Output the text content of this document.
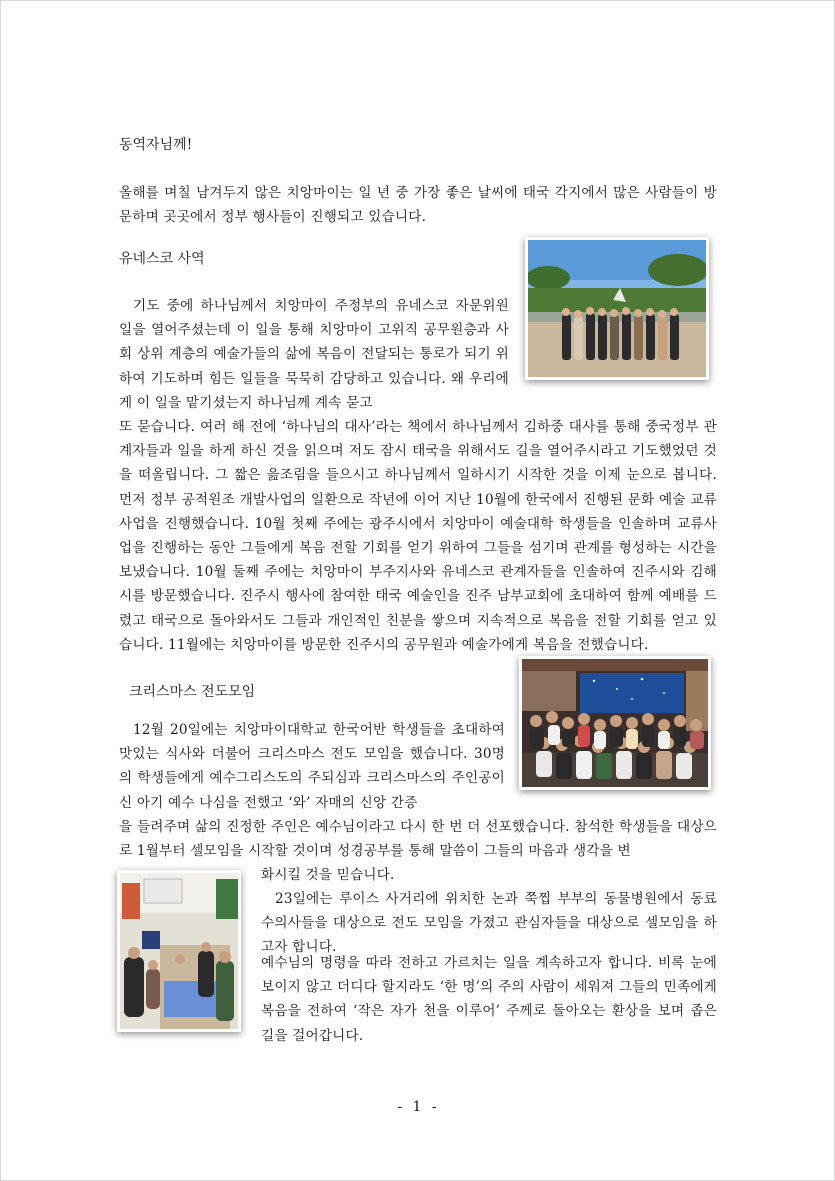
동역자님께!

올해를 며칠 남겨두지 않은 치앙마이는 일 년 중 가장 좋은 날씨에 태국 각지에서 많은 사람들이 방문하며 곳곳에서 정부 행사들이 진행되고 있습니다.

유네스코 사역

기도 중에 하나님께서 치앙마이 주정부의 유네스코 자문위원 일을 열어주셨는데 이 일을 통해 치앙마이 고위직 공무원층과 사회 상위 계층의 예술가들의 삶에 복음이 전달되는 통로가 되기 위하여 기도하며 힘든 일들을 묵묵히 감당하고 있습니다. 왜 우리에게 이 일을 맡기셨는지 하나님께 계속 묻고

또 묻습니다. 여러 해 전에 ‘하나님의 대사’라는 책에서 하나님께서 김하중 대사를 통해 중국정부 관계자들과 일을 하게 하신 것을 읽으며 저도 잠시 태국을 위해서도 길을 열어주시라고 기도했었던 것을 떠올립니다. 그 짧은 읊조림을 들으시고 하나님께서 일하시기 시작한 것을 이제 눈으로 봅니다. 먼저 정부 공적원조 개발사업의 일환으로 작년에 이어 지난 10월에 한국에서 진행된 문화 예술 교류사업을 진행했습니다. 10월 첫째 주에는 광주시에서 치앙마이 예술대학 학생들을 인솔하며 교류사업을 진행하는 동안 그들에게 복음 전할 기회를 얻기 위하여 그들을 섬기며 관계를 형성하는 시간을 보냈습니다. 10월 둘째 주에는 치앙마이 부주지사와 유네스코 관계자들을 인솔하여 진주시와 김해시를 방문했습니다. 진주시 행사에 참여한 태국 예술인을 진주 남부교회에 초대하여 함께 예배를 드렸고 태국으로 돌아와서도 그들과 개인적인 친분을 쌓으며 지속적으로 복음을 전할 기회를 얻고 있습니다. 11월에는 치앙마이를 방문한 진주시의 공무원과 예술가에게 복음을 전했습니다.

크리스마스 전도모임

12월 20일에는 치앙마이대학교 한국어반 학생들을 초대하여 맛있는 식사와 더불어 크리스마스 전도 모임을 했습니다. 30명의 학생들에게 예수그리스도의 주되심과 크리스마스의 주인공이신 아기 예수 나심을 전했고 ‘와’ 자매의 신앙 간증

을 들려주며 삶의 진정한 주인은 예수님이라고 다시 한 번 더 선포했습니다. 참석한 학생들을 대상으로 1월부터 셀모임을 시작할 것이며 성경공부를 통해 말씀이 그들의 마음과 생각을 변

화시킬 것을 믿습니다.

23일에는 루이스 사거리에 위치한 논과 쭉찝 부부의 동물병원에서 동료 수의사들을 대상으로 전도 모임을 가졌고 관심자들을 대상으로 셀모임을 하고자 합니다.

예수님의 명령을 따라 전하고 가르치는 일을 계속하고자 합니다. 비록 눈에 보이지 않고 더디다 할지라도 ‘한 명’의 주의 사람이 세워져 그들의 민족에게 복음을 전하여 ‘작은 자가 천을 이루어’ 주께로 돌아오는 환상을 보며 좁은 길을 걸어갑니다.

- 1 -
